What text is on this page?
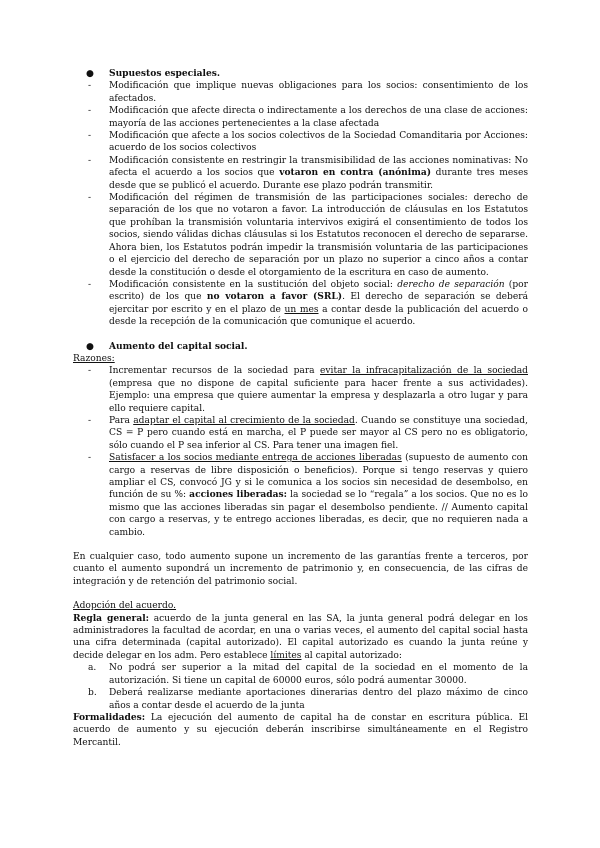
● Supuestos especiales.

- Modificación que implique nuevas obligaciones para los socios: consentimiento de los afectados.

- Modificación que afecte directa o indirectamente a los derechos de una clase de acciones: mayoría de las acciones pertenecientes a la clase afectada

- Modificación que afecte a los socios colectivos de la Sociedad Comanditaria por Acciones: acuerdo de los socios colectivos

- Modificación consistente en restringir la transmisibilidad de las acciones nominativas: No afecta el acuerdo a los socios que votaron en contra (anónima) durante tres meses desde que se publicó el acuerdo. Durante ese plazo podrán transmitir.

- Modificación del régimen de transmisión de las participaciones sociales: derecho de separación de los que no votaron a favor. La introducción de cláusulas en los Estatutos que prohíban la transmisión voluntaria intervivos exigirá el consentimiento de todos los socios, siendo válidas dichas cláusulas si los Estatutos reconocen el derecho de separarse. Ahora bien, los Estatutos podrán impedir la transmisión voluntaria de las participaciones o el ejercicio del derecho de separación por un plazo no superior a cinco años a contar desde la constitución o desde el otorgamiento de la escritura en caso de aumento.

- Modificación consistente en la sustitución del objeto social: derecho de separación (por escrito) de los que no votaron a favor (SRL). El derecho de separación se deberá ejercitar por escrito y en el plazo de un mes a contar desde la publicación del acuerdo o desde la recepción de la comunicación que comunique el acuerdo.

● Aumento del capital social.

Razones:

- Incrementar recursos de la sociedad para evitar la infracapitalización de la sociedad (empresa que no dispone de capital suficiente para hacer frente a sus actividades). Ejemplo: una empresa que quiere aumentar la empresa y desplazarla a otro lugar y para ello requiere capital.

- Para adaptar el capital al crecimiento de la sociedad. Cuando se constituye una sociedad, CS = P pero cuando está en marcha, el P puede ser mayor al CS pero no es obligatorio, sólo cuando el P sea inferior al CS. Para tener una imagen fiel.

- Satisfacer a los socios mediante entrega de acciones liberadas (supuesto de aumento con cargo a reservas de libre disposición o beneficios). Porque si tengo reservas y quiero ampliar el CS, convocó JG y si le comunica a los socios sin necesidad de desembolso, en función de su %: acciones liberadas: la sociedad se lo “regala” a los socios. Que no es lo mismo que las acciones liberadas sin pagar el desembolso pendiente. // Aumento capital con cargo a reservas, y te entrego acciones liberadas, es decir, que no requieren nada a cambio.

En cualquier caso, todo aumento supone un incremento de las garantías frente a terceros, por cuanto el aumento supondrá un incremento de patrimonio y, en consecuencia, de las cifras de integración y de retención del patrimonio social.

Adopción del acuerdo.

Regla general: acuerdo de la junta general en las SA, la junta general podrá delegar en los administradores la facultad de acordar, en una o varias veces, el aumento del capital social hasta una cifra determinada (capital autorizado). El capital autorizado es cuando la junta reúne y decide delegar en los adm. Pero establece límites al capital autorizado:

a. No podrá ser superior a la mitad del capital de la sociedad en el momento de la autorización. Si tiene un capital de 60000 euros, sólo podrá aumentar 30000.

b. Deberá realizarse mediante aportaciones dinerarias dentro del plazo máximo de cinco años a contar desde el acuerdo de la junta

Formalidades: La ejecución del aumento de capital ha de constar en escritura pública. El acuerdo de aumento y su ejecución deberán inscribirse simultáneamente en el Registro Mercantil.
